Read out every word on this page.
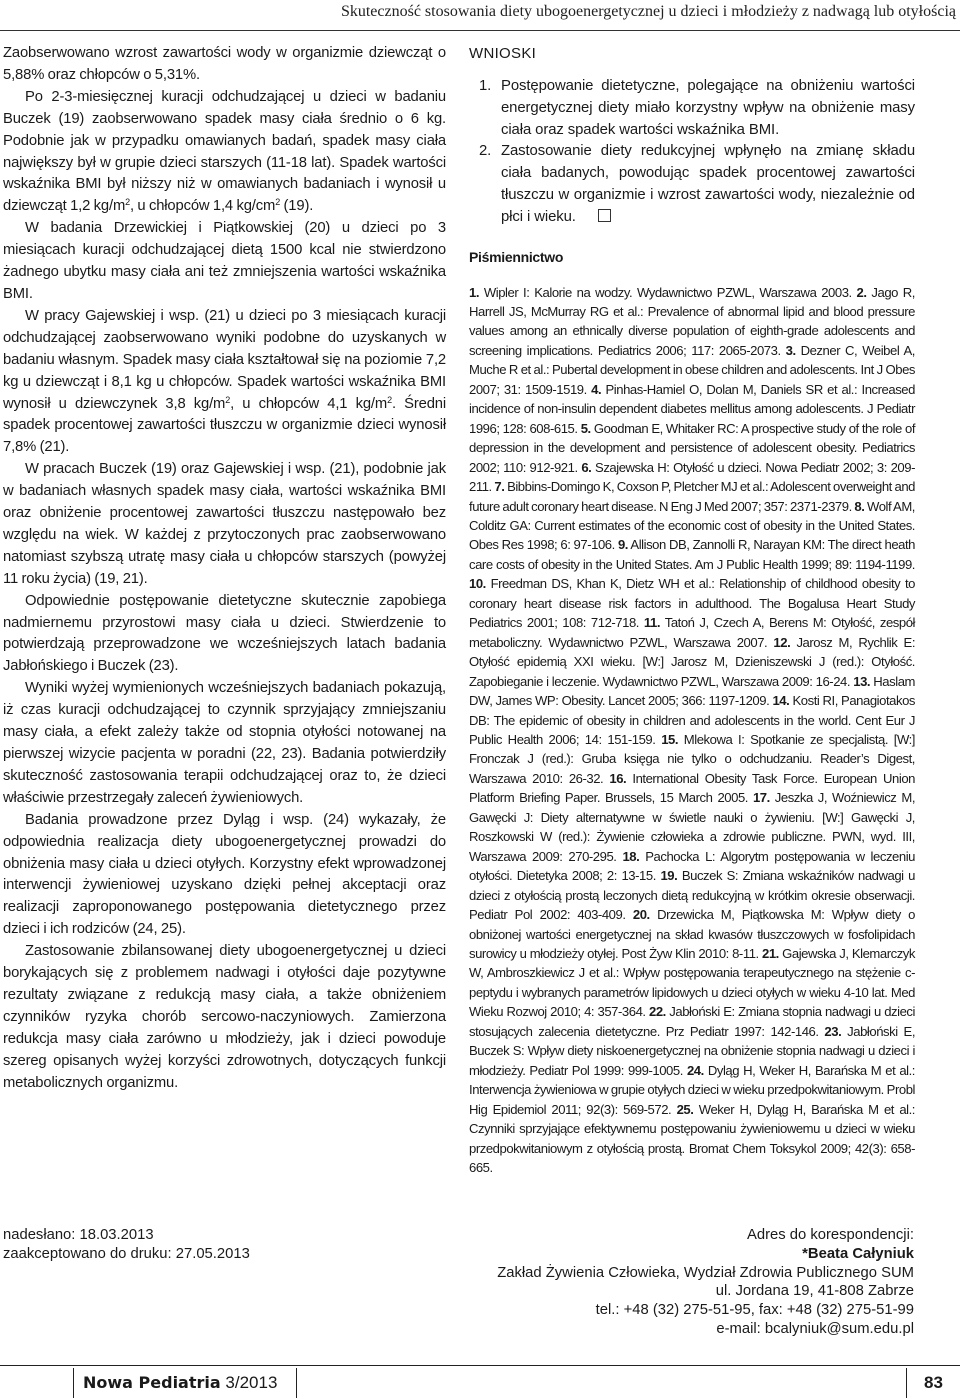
Skuteczność stosowania diety ubogoenergetycznej u dzieci i młodzieży z nadwagą lub otyłością

Zaobserwowano wzrost zawartości wody w organizmie dziewcząt o 5,88% oraz chłopców o 5,31%.

Po 2-3-miesięcznej kuracji odchudzającej u dzieci w badaniu Buczek (19) zaobserwowano spadek masy ciała średnio o 6 kg. Podobnie jak w przypadku omawianych badań, spadek masy ciała największy był w grupie dzieci starszych (11-18 lat). Spadek wartości wskaźnika BMI był niższy niż w omawianych badaniach i wynosił u dziewcząt 1,2 $kg/m^2$, u chłopców 1,4 $kg/cm^2$ (19).

W badania Drzewickiej i Piątkowskiej (20) u dzieci po 3 miesiącach kuracji odchudzającej dietą 1500 kcal nie stwierdzono żadnego ubytku masy ciała ani też zmniejszenia wartości wskaźnika BMI.

W pracy Gajewskiej i wsp. (21) u dzieci po 3 miesiącach kuracji odchudzającej zaobserwowano wyniki podobne do uzyskanych w badaniu własnym. Spadek masy ciała kształtował się na poziomie 7,2 kg u dziewcząt i 8,1 kg u chłopców. Spadek wartości wskaźnika BMI wynosił u dziewczynek 3,8 $kg/m^2$, u chłopców 4,1 $kg/m^2$. Średni spadek procentowej zawartości tłuszczu w organizmie dzieci wynosił 7,8% (21).

W pracach Buczek (19) oraz Gajewskiej i wsp. (21), podobnie jak w badaniach własnych spadek masy ciała, wartości wskaźnika BMI oraz obniżenie procentowej zawartości tłuszczu następowało bez względu na wiek. W każdej z przytoczonych prac zaobserwowano natomiast szybszą utratę masy ciała u chłopców starszych (powyżej 11 roku życia) (19, 21).

Odpowiednie postępowanie dietetyczne skutecznie zapobiega nadmiernemu przyrostowi masy ciała u dzieci. Stwierdzenie to potwierdzają przeprowadzone we wcześniejszych latach badania Jabłońskiego i Buczek (23).

Wyniki wyżej wymienionych wcześniejszych badaniach pokazują, iż czas kuracji odchudzającej to czynnik sprzyjający zmniejszaniu masy ciała, a efekt zależy także od stopnia otyłości notowanej na pierwszej wizycie pacjenta w poradni (22, 23). Badania potwierdziły skuteczność zastosowania terapii odchudzającej oraz to, że dzieci właściwie przestrzegały zaleceń żywieniowych.

Badania prowadzone przez Dyląg i wsp. (24) wykazały, że odpowiednia realizacja diety ubogoenergetycznej prowadzi do obniżenia masy ciała u dzieci otyłych. Korzystny efekt wprowadzonej interwencji żywieniowej uzyskano dzięki pełnej akceptacji oraz realizacji zaproponowanego postępowania dietetycznego przez dzieci i ich rodziców (24, 25).

Zastosowanie zbilansowanej diety ubogoenergetycznej u dzieci borykających się z problemem nadwagi i otyłości daje pozytywne rezultaty związane z redukcją masy ciała, a także obniżeniem czynników ryzyka chorób sercowo-naczyniowych. Zamierzona redukcja masy ciała zarówno u młodzieży, jak i dzieci powoduje szereg opisanych wyżej korzyści zdrowotnych, dotyczących funkcji metabolicznych organizmu.

WNIOSKI
1. Postępowanie dietetyczne, polegające na obniżeniu wartości energetycznej diety miało korzystny wpływ na obniżenie masy ciała oraz spadek wartości wskaźnika BMI.
2. Zastosowanie diety redukcyjnej wpłynęło na zmianę składu ciała badanych, powodując spadek procentowej zawartości tłuszczu w organizmie i wzrost zawartości wody, niezależnie od płci i wieku.
Piśmiennictwo
1. Wipler I: Kalorie na wodzy. Wydawnictwo PZWL, Warszawa 2003. 2. Jago R, Harrell JS, McMurray RG et al.: Prevalence of abnormal lipid and blood pressure values among an ethnically diverse population of eighth-grade adolescents and screening implications. Pediatrics 2006; 117: 2065-2073. 3. Dezner C, Weibel A, Muche R et al.: Pubertal development in obese children and adolescents. Int J Obes 2007; 31: 1509-1519. 4. Pinhas-Hamiel O, Dolan M, Daniels SR et al.: Increased incidence of non-insulin dependent diabetes mellitus among adolescents. J Pediatr 1996; 128: 608-615. 5. Goodman E, Whitaker RC: A prospective study of the role of depression in the development and persistence of adolescent obesity. Pediatrics 2002; 110: 912-921. 6. Szajewska H: Otyłość u dzieci. Nowa Pediatr 2002; 3: 209-211. 7. Bibbins-Domingo K, Coxson P, Pletcher MJ et al.: Adolescent overweight and future adult coronary heart disease. N Eng J Med 2007; 357: 2371-2379. 8. Wolf AM, Colditz GA: Current estimates of the economic cost of obesity in the United States. Obes Res 1998; 6: 97-106. 9. Allison DB, Zannolli R, Narayan KM: The direct heath care costs of obesity in the United States. Am J Public Health 1999; 89: 1194-1199. 10. Freedman DS, Khan K, Dietz WH et al.: Relationship of childhood obesity to coronary heart disease risk factors in adulthood. The Bogalusa Heart Study Pediatrics 2001; 108: 712-718. 11. Tatoń J, Czech A, Berens M: Otyłość, zespół metaboliczny. Wydawnictwo PZWL, Warszawa 2007. 12. Jarosz M, Rychlik E: Otyłość epidemią XXI wieku. [W:] Jarosz M, Dzieniszewski J (red.): Otyłość. Zapobieganie i leczenie. Wydawnictwo PZWL, Warszawa 2009: 16-24. 13. Haslam DW, James WP: Obesity. Lancet 2005; 366: 1197-1209. 14. Kosti RI, Panagiotakos DB: The epidemic of obesity in children and adolescents in the world. Cent Eur J Public Health 2006; 14: 151-159. 15. Mlekowa I: Spotkanie ze specjalistą. [W:] Fronczak J (red.): Gruba księga nie tylko o odchudzaniu. Reader’s Digest, Warszawa 2010: 26-32. 16. International Obesity Task Force. European Union Platform Briefing Paper. Brussels, 15 March 2005. 17. Jeszka J, Woźniewicz M, Gawęcki J: Diety alternatywne w świetle nauki o żywieniu. [W:] Gawęcki J, Roszkowski W (red.): Żywienie człowieka a zdrowie publiczne. PWN, wyd. III, Warszawa 2009: 270-295. 18. Pachocka L: Algorytm postępowania w leczeniu otyłości. Dietetyka 2008; 2: 13-15. 19. Buczek S: Zmiana wskaźników nadwagi u dzieci z otyłością prostą leczonych dietą redukcyjną w krótkim okresie obserwacji. Pediatr Pol 2002: 403-409. 20. Drzewicka M, Piątkowska M: Wpływ diety o obniżonej wartości energetycznej na skład kwasów tłuszczowych w fosfolipidach surowicy u młodzieży otyłej. Post Żyw Klin 2010: 8-11. 21. Gajewska J, Klemarczyk W, Ambroszkiewicz J et al.: Wpływ postępowania terapeutycznego na stężenie c-peptydu i wybranych parametrów lipidowych u dzieci otyłych w wieku 4-10 lat. Med Wieku Rozwoj 2010; 4: 357-364. 22. Jabłoński E: Zmiana stopnia nadwagi u dzieci stosujących zalecenia dietetyczne. Prz Pediatr 1997: 142-146. 23. Jabłoński E, Buczek S: Wpływ diety niskoenergetycznej na obniżenie stopnia nadwagi u dzieci i młodzieży. Pediatr Pol 1999: 999-1005. 24. Dyląg H, Weker H, Barańska M et al.: Interwencja żywieniowa w grupie otyłych dzieci w wieku przedpokwitaniowym. Probl Hig Epidemiol 2011; 92(3): 569-572. 25. Weker H, Dyląg H, Barańska M et al.: Czynniki sprzyjające efektywnemu postępowaniu żywieniowemu u dzieci w wieku przedpokwitaniowym z otyłością prostą. Bromat Chem Toksykol 2009; 42(3): 658-665.
nadesłano: 18.03.2013
zaakceptowano do druku: 27.05.2013
Adres do korespondencji:
*Beata Całyniuk
Zakład Żywienia Człowieka, Wydział Zdrowia Publicznego SUM
ul. Jordana 19, 41-808 Zabrze
tel.: +48 (32) 275-51-95, fax: +48 (32) 275-51-99
e-mail: bcalyniuk@sum.edu.pl
Nowa Pediatria 3/2013	83
